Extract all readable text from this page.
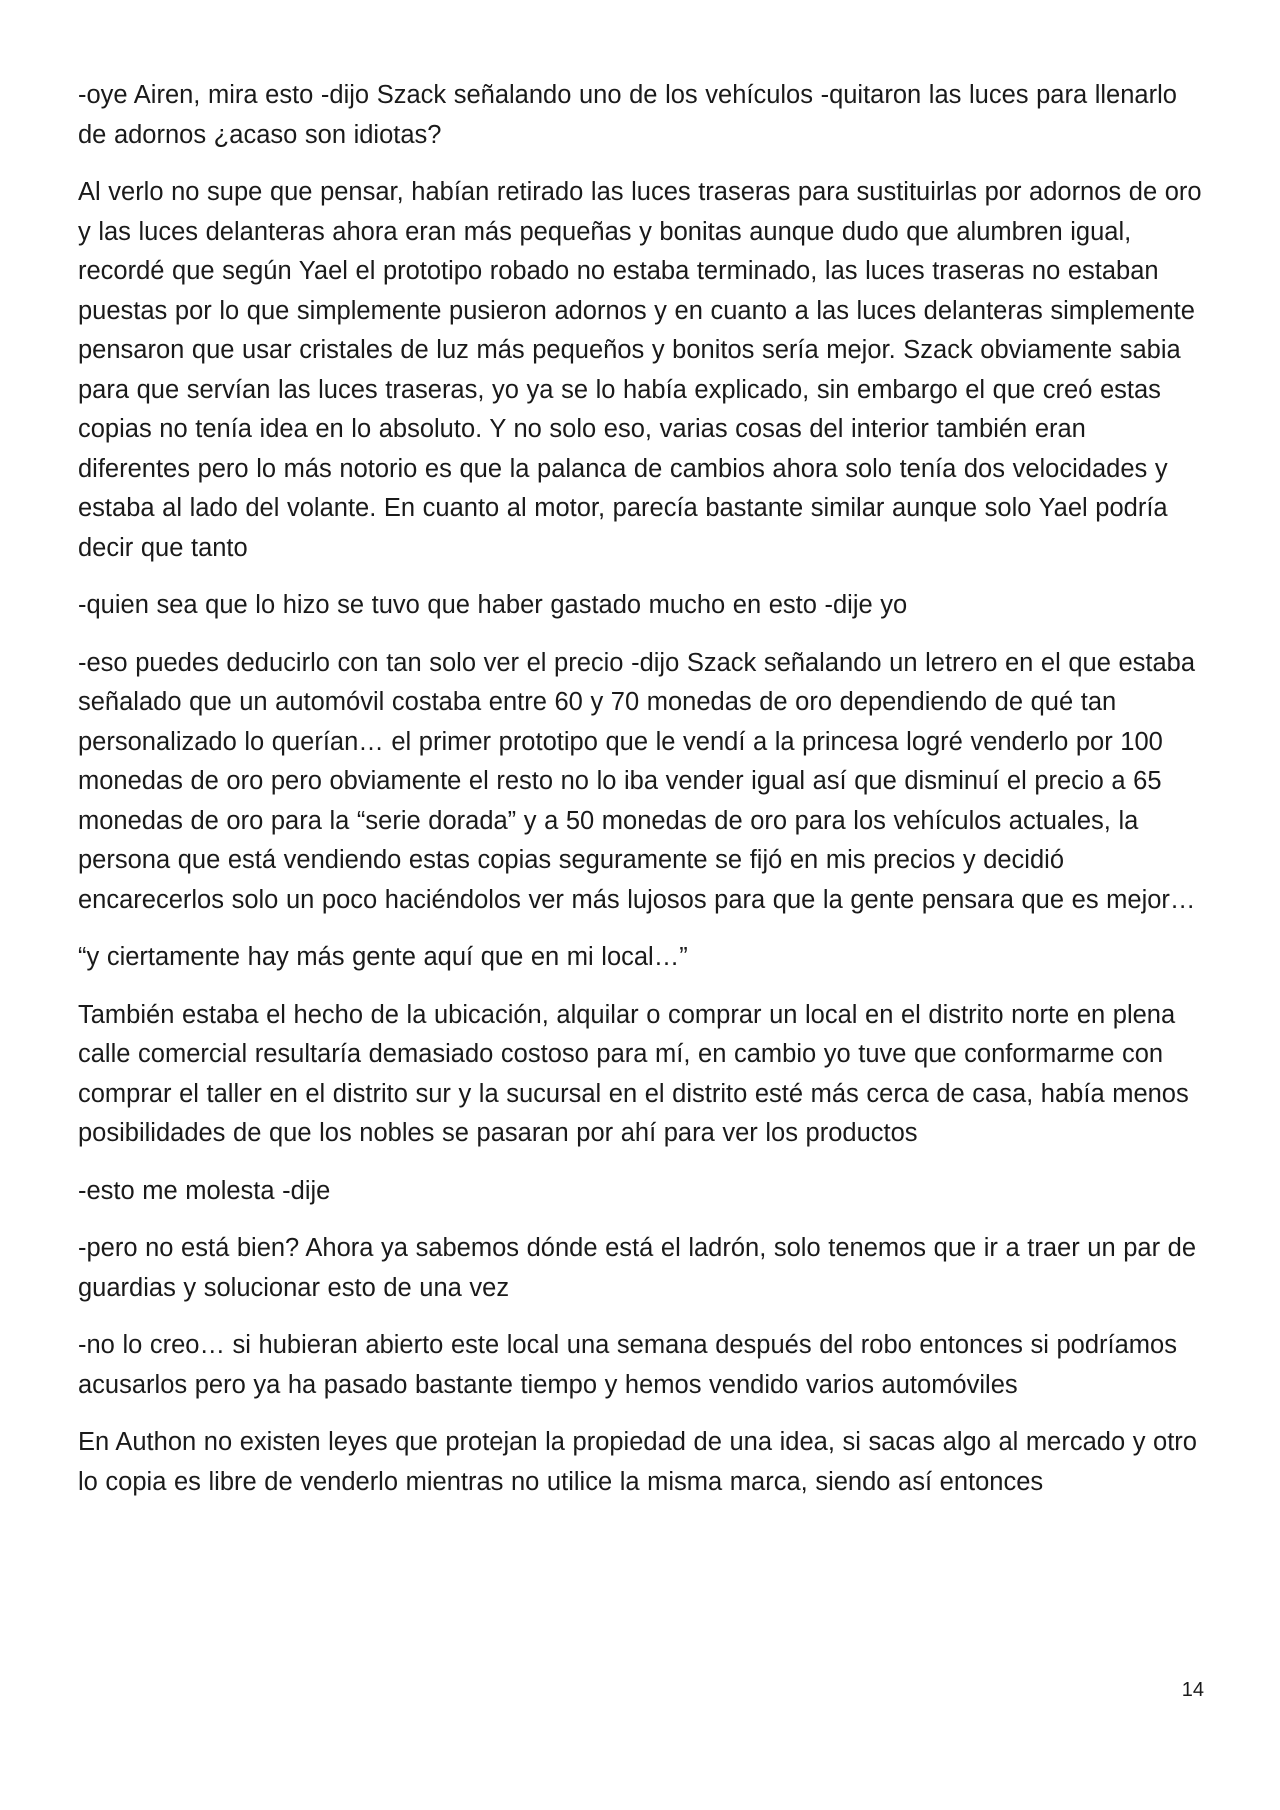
-oye Airen, mira esto -dijo Szack señalando uno de los vehículos -quitaron las luces para llenarlo de adornos ¿acaso son idiotas?

Al verlo no supe que pensar, habían retirado las luces traseras para sustituirlas por adornos de oro y las luces delanteras ahora eran más pequeñas y bonitas aunque dudo que alumbren igual, recordé que según Yael el prototipo robado no estaba terminado, las luces traseras no estaban puestas por lo que simplemente pusieron adornos y en cuanto a las luces delanteras simplemente pensaron que usar cristales de luz más pequeños y bonitos sería mejor. Szack obviamente sabia para que servían las luces traseras, yo ya se lo había explicado, sin embargo el que creó estas copias no tenía idea en lo absoluto. Y no solo eso, varias cosas del interior también eran diferentes pero lo más notorio es que la palanca de cambios ahora solo tenía dos velocidades y estaba al lado del volante. En cuanto al motor, parecía bastante similar aunque solo Yael podría decir que tanto

-quien sea que lo hizo se tuvo que haber gastado mucho en esto -dije yo

-eso puedes deducirlo con tan solo ver el precio -dijo Szack señalando un letrero en el que estaba señalado que un automóvil costaba entre 60 y 70 monedas de oro dependiendo de qué tan personalizado lo querían… el primer prototipo que le vendí a la princesa logré venderlo por 100 monedas de oro pero obviamente el resto no lo iba vender igual así que disminuí el precio a 65 monedas de oro para la “serie dorada” y a 50 monedas de oro para los vehículos actuales, la persona que está vendiendo estas copias seguramente se fijó en mis precios y decidió encarecerlos solo un poco haciéndolos ver más lujosos para que la gente pensara que es mejor…

“y ciertamente hay más gente aquí que en mi local…”

También estaba el hecho de la ubicación, alquilar o comprar un local en el distrito norte en plena calle comercial resultaría demasiado costoso para mí, en cambio yo tuve que conformarme con comprar el taller en el distrito sur y la sucursal en el distrito esté más cerca de casa, había menos posibilidades de que los nobles se pasaran por ahí para ver los productos

-esto me molesta -dije

-pero no está bien? Ahora ya sabemos dónde está el ladrón, solo tenemos que ir a traer un par de guardias y solucionar esto de una vez

-no lo creo… si hubieran abierto este local una semana después del robo entonces si podríamos acusarlos pero ya ha pasado bastante tiempo y hemos vendido varios automóviles

En Authon no existen leyes que protejan la propiedad de una idea, si sacas algo al mercado y otro lo copia es libre de venderlo mientras no utilice la misma marca, siendo así entonces

14
